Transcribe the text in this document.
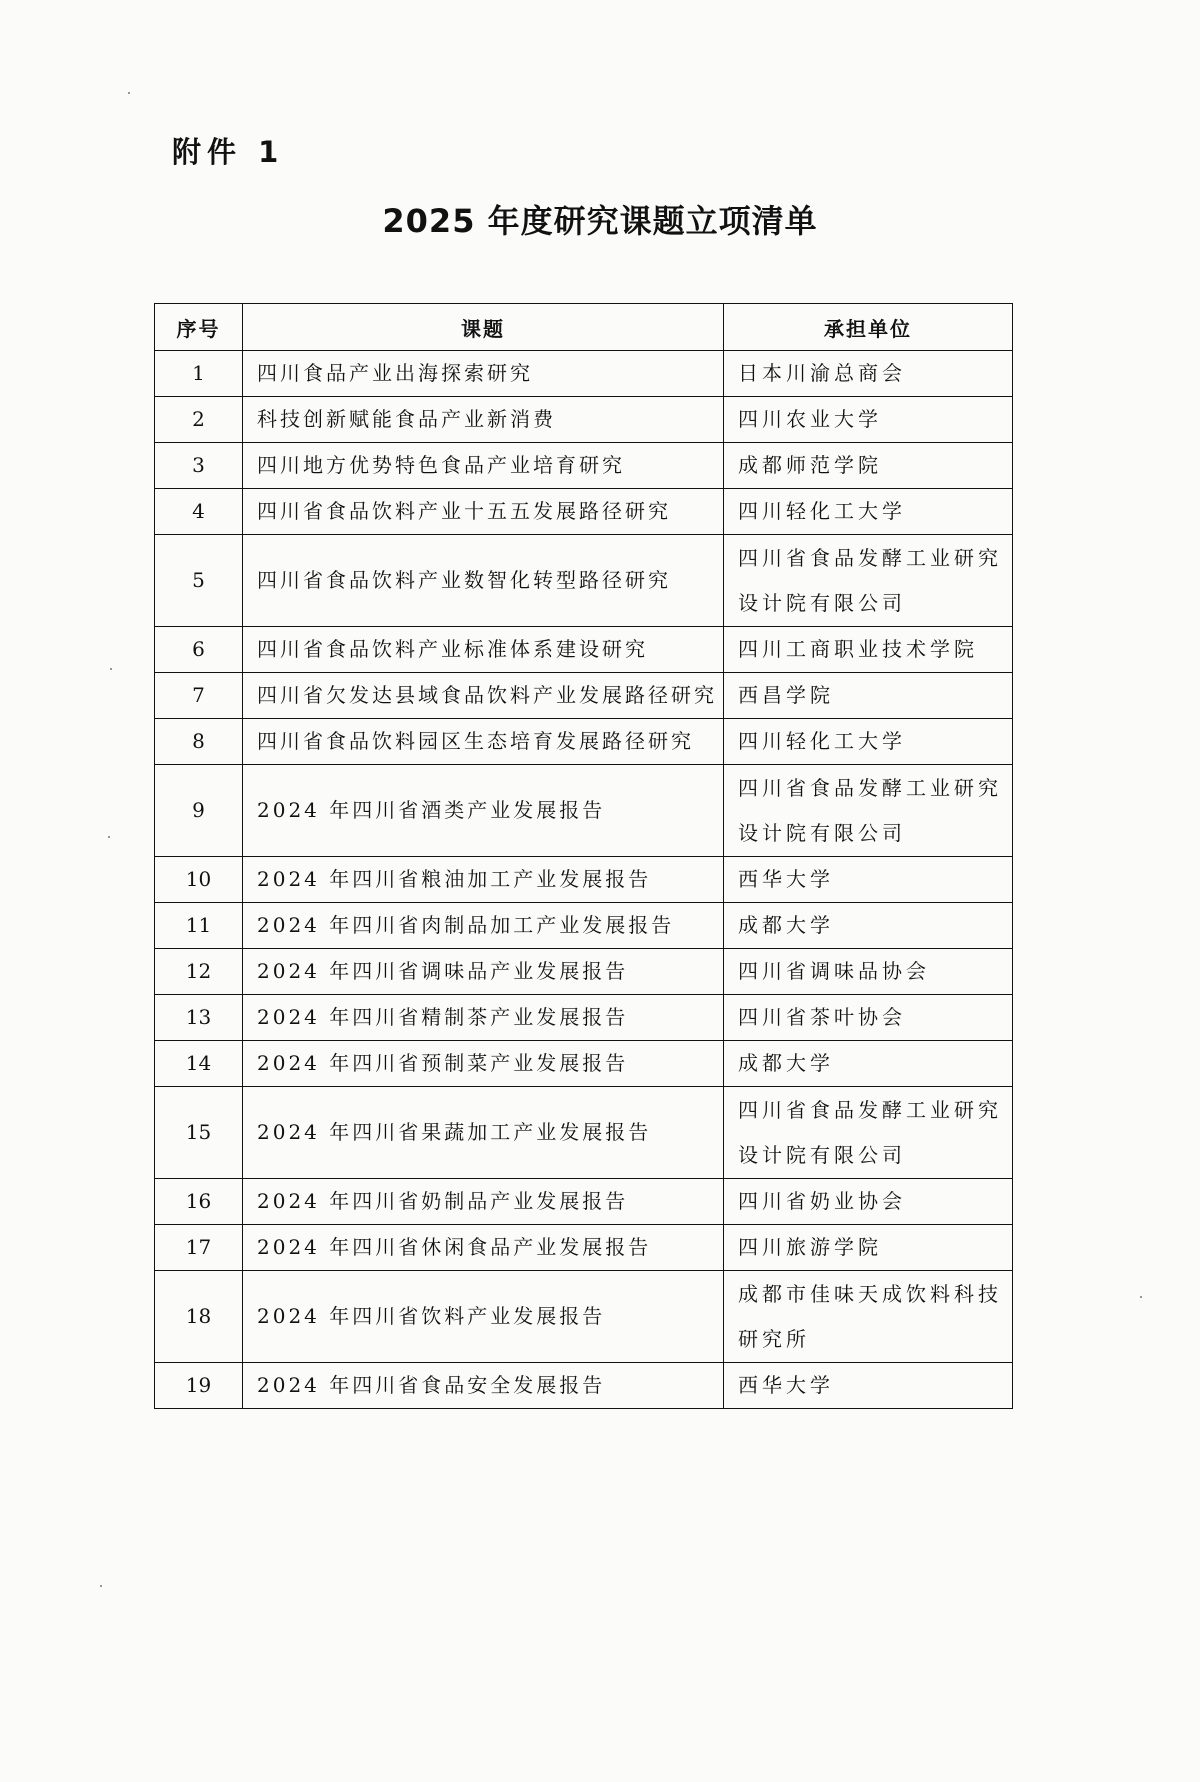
附件 1
2025 年度研究课题立项清单
序号	课题	承担单位
1	四川食品产业出海探索研究	日本川渝总商会
2	科技创新赋能食品产业新消费	四川农业大学
3	四川地方优势特色食品产业培育研究	成都师范学院
4	四川省食品饮料产业十五五发展路径研究	四川轻化工大学
5	四川省食品饮料产业数智化转型路径研究	四川省食品发酵工业研究设计院有限公司
6	四川省食品饮料产业标准体系建设研究	四川工商职业技术学院
7	四川省欠发达县域食品饮料产业发展路径研究	西昌学院
8	四川省食品饮料园区生态培育发展路径研究	四川轻化工大学
9	2024 年四川省酒类产业发展报告	四川省食品发酵工业研究设计院有限公司
10	2024 年四川省粮油加工产业发展报告	西华大学
11	2024 年四川省肉制品加工产业发展报告	成都大学
12	2024 年四川省调味品产业发展报告	四川省调味品协会
13	2024 年四川省精制茶产业发展报告	四川省茶叶协会
14	2024 年四川省预制菜产业发展报告	成都大学
15	2024 年四川省果蔬加工产业发展报告	四川省食品发酵工业研究设计院有限公司
16	2024 年四川省奶制品产业发展报告	四川省奶业协会
17	2024 年四川省休闲食品产业发展报告	四川旅游学院
18	2024 年四川省饮料产业发展报告	成都市佳味天成饮料科技研究所
19	2024 年四川省食品安全发展报告	西华大学
